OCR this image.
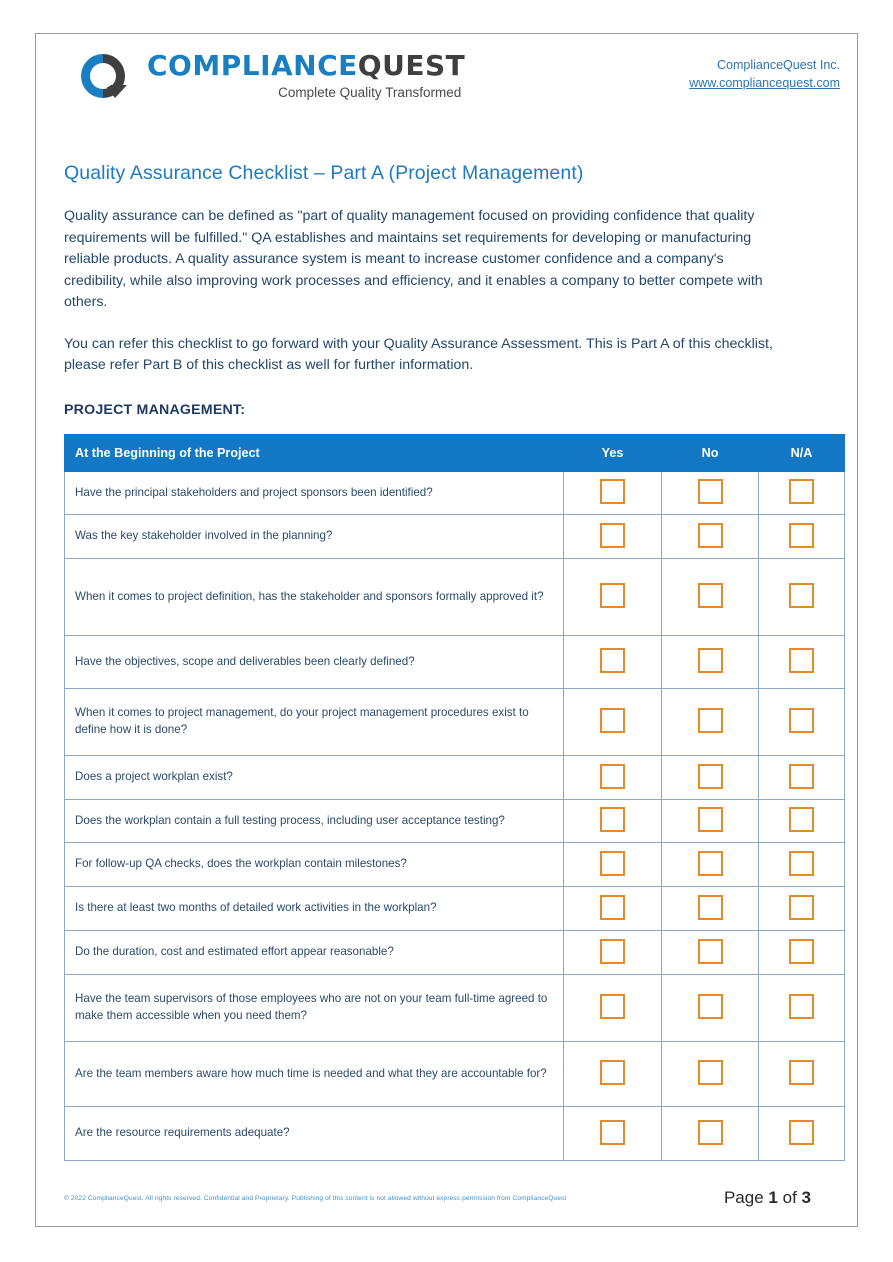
COMPLIANCEQUEST
Complete Quality Transformed
ComplianceQuest Inc.
www.compliancequest.com
Quality Assurance Checklist – Part A (Project Management)

Quality assurance can be defined as "part of quality management focused on providing confidence that quality requirements will be fulfilled." QA establishes and maintains set requirements for developing or manufacturing reliable products. A quality assurance system is meant to increase customer confidence and a company's credibility, while also improving work processes and efficiency, and it enables a company to better compete with others.

You can refer this checklist to go forward with your Quality Assurance Assessment. This is Part A of this checklist, please refer Part B of this checklist as well for further information.

PROJECT MANAGEMENT:
At the Beginning of the Project	Yes	No	N/A
Have the principal stakeholders and project sponsors been identified?			
Was the key stakeholder involved in the planning?			
When it comes to project definition, has the stakeholder and sponsors formally approved it?			
Have the objectives, scope and deliverables been clearly defined?			
When it comes to project management, do your project management procedures exist to define how it is done?			
Does a project workplan exist?			
Does the workplan contain a full testing process, including user acceptance testing?			
For follow-up QA checks, does the workplan contain milestones?			
Is there at least two months of detailed work activities in the workplan?			
Do the duration, cost and estimated effort appear reasonable?			
Have the team supervisors of those employees who are not on your team full-time agreed to make them accessible when you need them?			
Are the team members aware how much time is needed and what they are accountable for?			
Are the resource requirements adequate?			
© 2022 ComplianceQuest. All rights reserved. Confidential and Proprietary. Publishing of this content is not allowed without express permission from ComplianceQuest	Page 1 of 3
